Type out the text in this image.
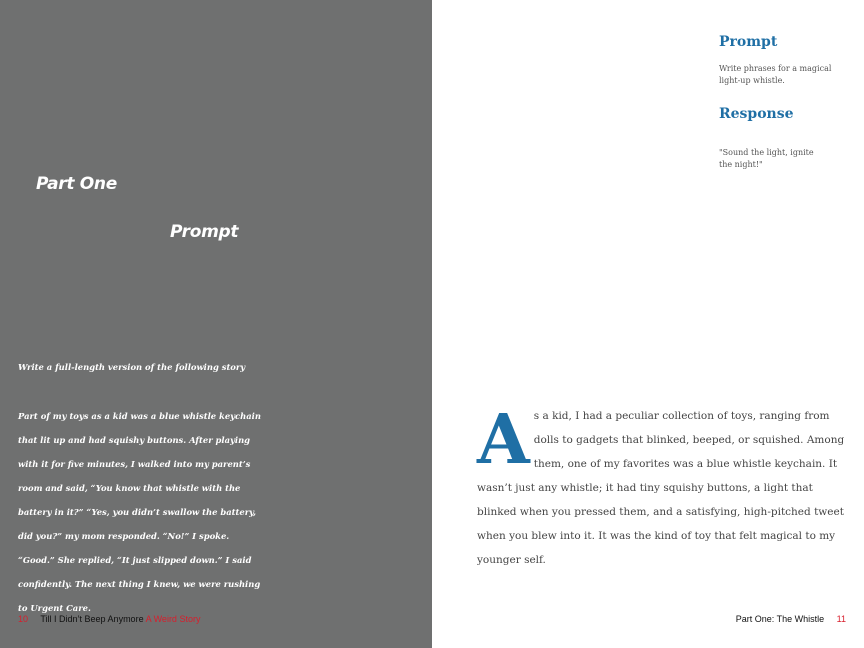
Part One
Prompt
Write a full-length version of the following story
Part of my toys as a kid was a blue whistle keychain that lit up and had squishy buttons. After playing with it for five minutes, I walked into my parent’s room and said, “You know that whistle with the battery in it?” “Yes, you didn’t swallow the battery, did you?” my mom responded. “No!” I spoke. “Good.” She replied, “It just slipped down.” I said confidently. The next thing I knew, we were rushing to Urgent Care.
10 Till I Didn’t Beep Anymore A Weird Story
Prompt
Write phrases for a magical light-up whistle.
Response
"Sound the light, ignite the night!"
As a kid, I had a peculiar collection of toys, ranging from dolls to gadgets that blinked, beeped, or squished. Among them, one of my favorites was a blue whistle keychain. It wasn’t just any whistle; it had tiny squishy buttons, a light that blinked when you pressed them, and a satisfying, high-pitched tweet when you blew into it. It was the kind of toy that felt magical to my younger self.
Part One: The Whistle 11
